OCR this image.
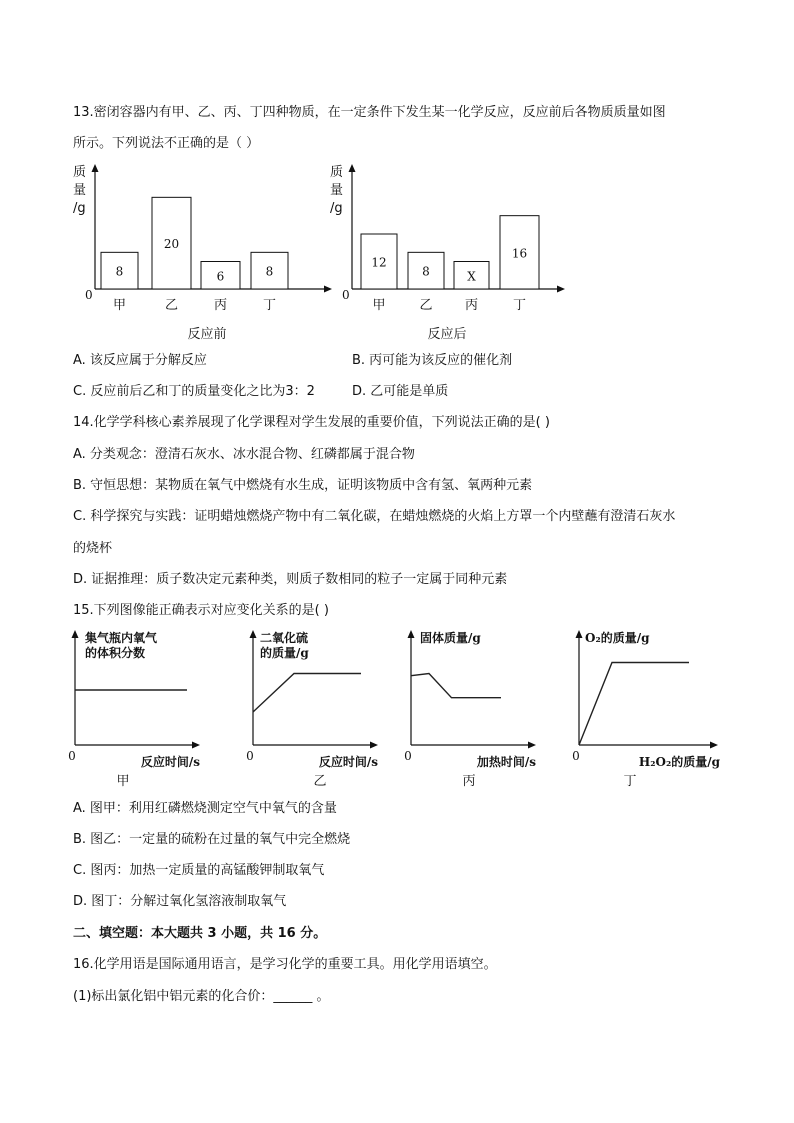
13.密闭容器内有甲、乙、丙、丁四种物质，在一定条件下发生某一化学反应，反应前后各物质质量如图
所示。下列说法不正确的是（ ）
质
量
/g
0
8
甲
20
乙
6
丙
8
丁
反应前
质
量
/g
0
12
甲
8
乙
X
丙
16
丁
反应后
A. 该反应属于分解反应	B. 丙可能为该反应的催化剂
C. 反应前后乙和丁的质量变化之比为3：2	D. 乙可能是单质
14.化学学科核心素养展现了化学课程对学生发展的重要价值，下列说法正确的是( )
A. 分类观念：澄清石灰水、冰水混合物、红磷都属于混合物
B. 守恒思想：某物质在氧气中燃烧有水生成，证明该物质中含有氢、氧两种元素
C. 科学探究与实践：证明蜡烛燃烧产物中有二氧化碳，在蜡烛燃烧的火焰上方罩一个内壁蘸有澄清石灰水
的烧杯
D. 证据推理：质子数决定元素种类，则质子数相同的粒子一定属于同种元素
15.下列图像能正确表示对应变化关系的是( )
集气瓶内氧气
的体积分数
0	反应时间/s
甲
二氧化硫
的质量/g
0	反应时间/s
乙
固体质量/g
0	加热时间/s
丙
O₂的质量/g
0	H₂O₂的质量/g
丁
A. 图甲：利用红磷燃烧测定空气中氧气的含量
B. 图乙：一定量的硫粉在过量的氧气中完全燃烧
C. 图丙：加热一定质量的高锰酸钾制取氧气
D. 图丁：分解过氧化氢溶液制取氧气
二、填空题：本大题共 3 小题，共 16 分。
16.化学用语是国际通用语言，是学习化学的重要工具。用化学用语填空。
(1)标出氯化铝中铝元素的化合价：______ 。
